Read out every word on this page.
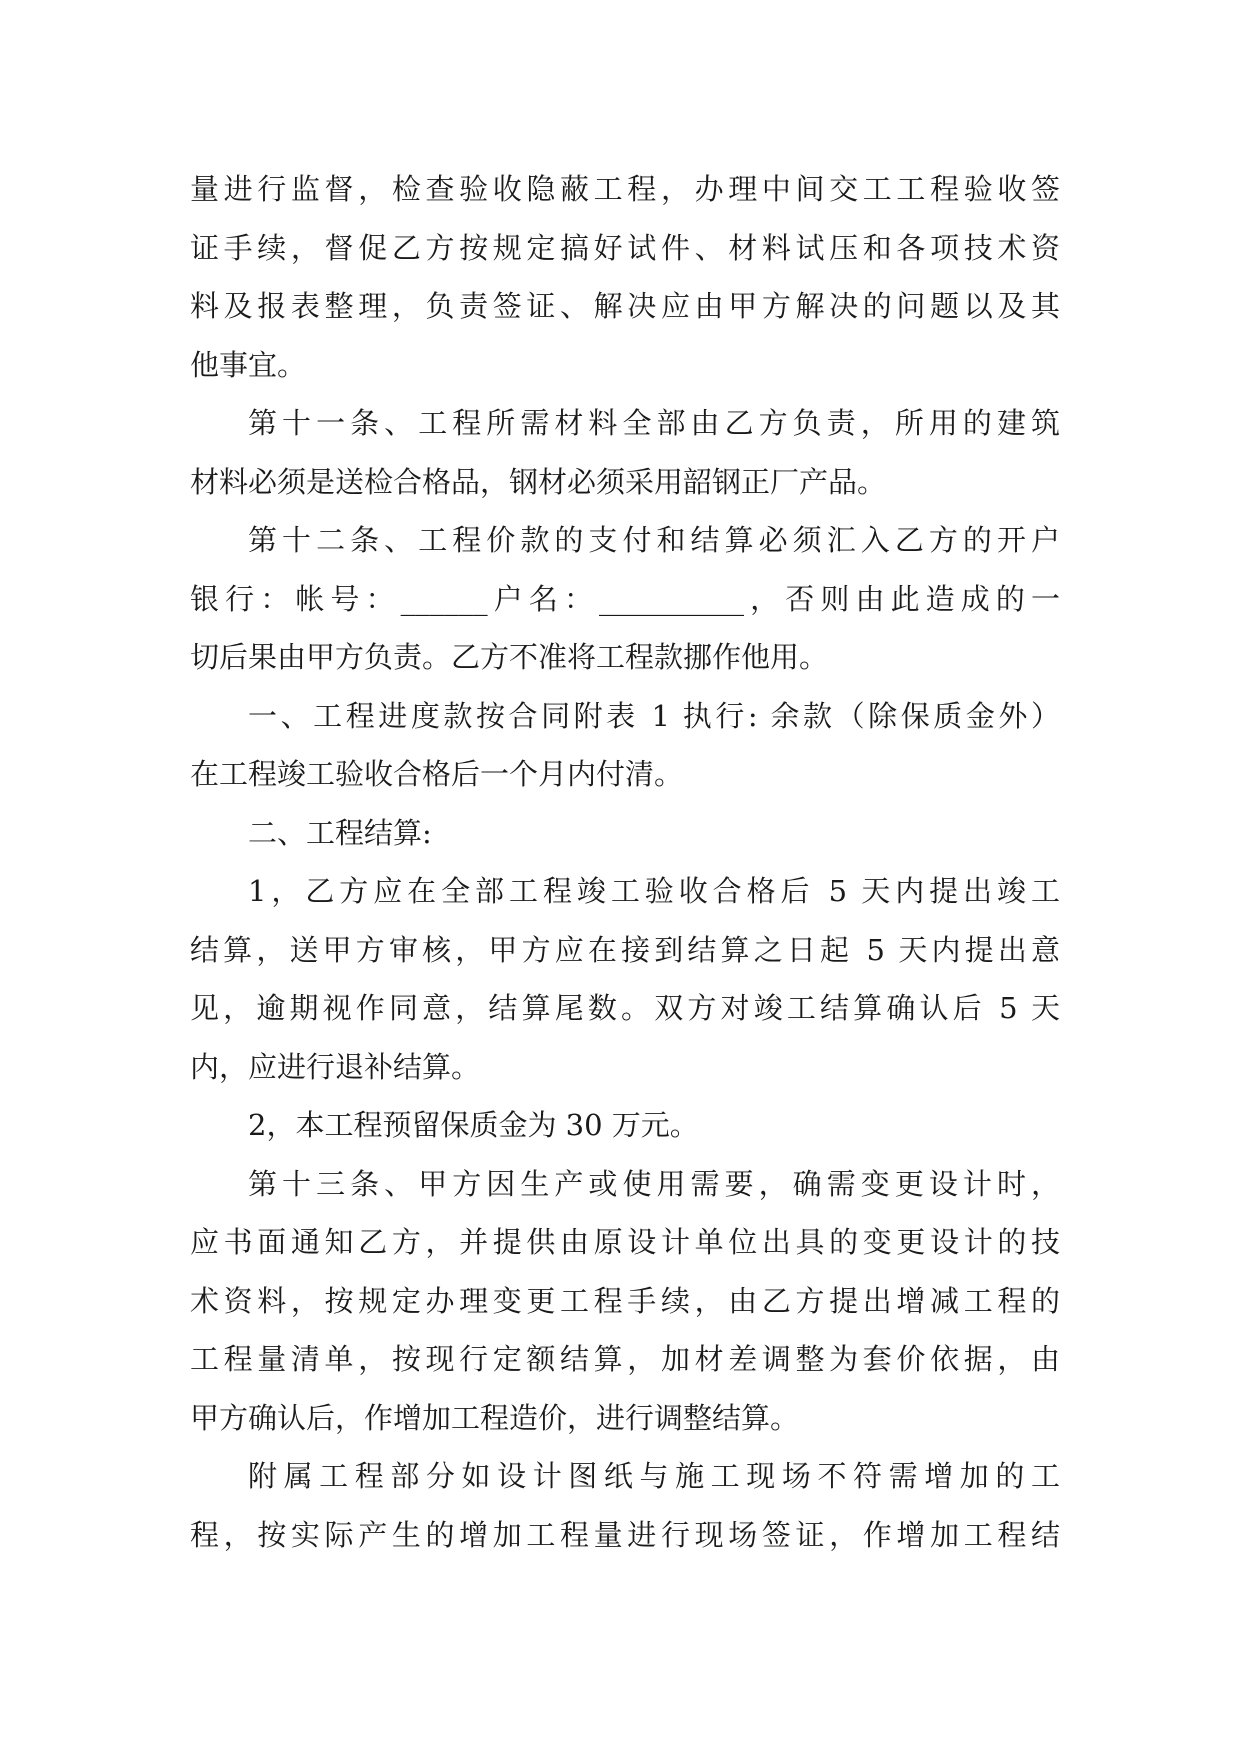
量进行监督，检查验收隐蔽工程，办理中间交工工程验收签
证手续，督促乙方按规定搞好试件、材料试压和各项技术资
料及报表整理，负责签证、解决应由甲方解决的问题以及其
他事宜。
第十一条、工程所需材料全部由乙方负责，所用的建筑
材料必须是送检合格品，钢材必须采用韶钢正厂产品。
第十二条、工程价款的支付和结算必须汇入乙方的开户
银行：帐号：______户名：__________，否则由此造成的一
切后果由甲方负责。乙方不准将工程款挪作他用。
一、工程进度款按合同附表 1 执行: 余款（除保质金外）
在工程竣工验收合格后一个月内付清。
二、工程结算:
1，乙方应在全部工程竣工验收合格后 5 天内提出竣工
结算，送甲方审核，甲方应在接到结算之日起 5 天内提出意
见，逾期视作同意，结算尾数。双方对竣工结算确认后 5 天
内，应进行退补结算。
2，本工程预留保质金为 30 万元。
第十三条、甲方因生产或使用需要，确需变更设计时，
应书面通知乙方，并提供由原设计单位出具的变更设计的技
术资料，按规定办理变更工程手续，由乙方提出增减工程的
工程量清单，按现行定额结算，加材差调整为套价依据，由
甲方确认后，作增加工程造价，进行调整结算。
附属工程部分如设计图纸与施工现场不符需增加的工
程，按实际产生的增加工程量进行现场签证，作增加工程结
